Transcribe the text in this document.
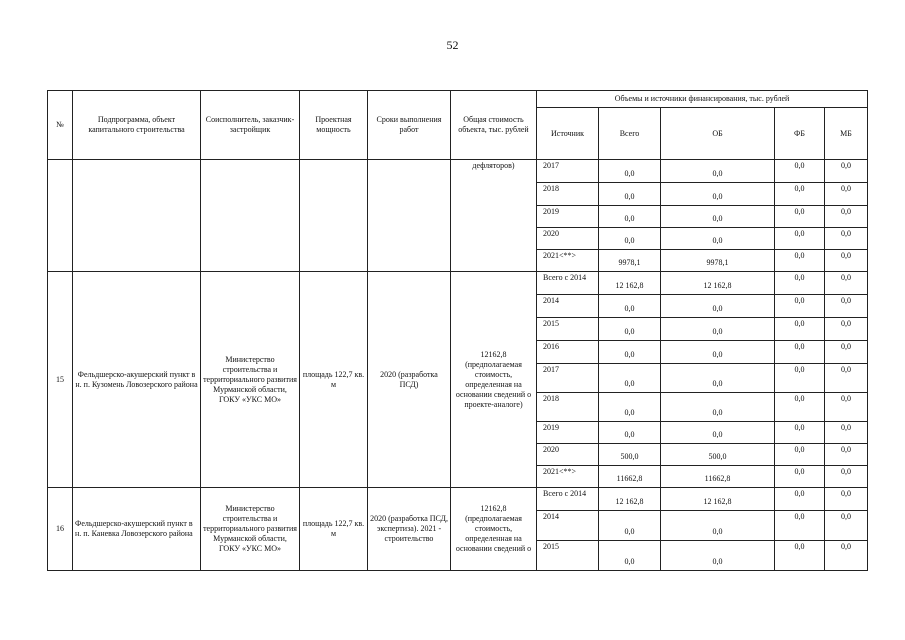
52
№	Подпрограмма, объект капитального строительства	Соисполнитель, заказчик-застройщик	Проектная мощность	Сроки выполнения работ	Общая стоимость объекта, тыс. рублей	Объемы и источники финансирования, тыс. рублей					
						Источник	Всего	ОБ	ФБ	МБ	
					дефляторов)	2017	0,0	0,0	0,0	0,0	
						2018	0,0	0,0	0,0	0,0	
						2019	0,0	0,0	0,0	0,0	
						2020	0,0	0,0	0,0	0,0	
						2021<**>	9978,1	9978,1	0,0	0,0	
15	Фельдшерско-акушерский пункт в н. п. Кузомень Ловозерского района	Министерство строительства и территориального развития Мурманской области, ГОКУ «УКС МО»	площадь 122,7 кв. м	2020 (разработка ПСД)	12162,8 (предполагаемая стоимость, определенная на основании сведений о проекте-аналоге)	Всего с 2014	12 162,8	12 162,8	0,0	0,0	
						2014	0,0	0,0	0,0	0,0	
						2015	0,0	0,0	0,0	0,0	
						2016	0,0	0,0	0,0	0,0	
						2017	0,0	0,0	0,0	0,0	
						2018	0,0	0,0	0,0	0,0	
						2019	0,0	0,0	0,0	0,0	
						2020	500,0	500,0	0,0	0,0	
						2021<**>	11662,8	11662,8	0,0	0,0	
16	Фельдшерско-акушерский пункт в н. п. Каневка Ловозерского района	Министерство строительства и территориального развития Мурманской области, ГОКУ «УКС МО»	площадь 122,7 кв. м	2020 (разработка ПСД, экспертиза). 2021 - строительство	12162,8 (предполагаемая стоимость, определенная на основании сведений о	Всего с 2014	12 162,8	12 162,8	0,0	0,0	
						2014	0,0	0,0	0,0	0,0	
						2015	0,0	0,0	0,0	0,0	
